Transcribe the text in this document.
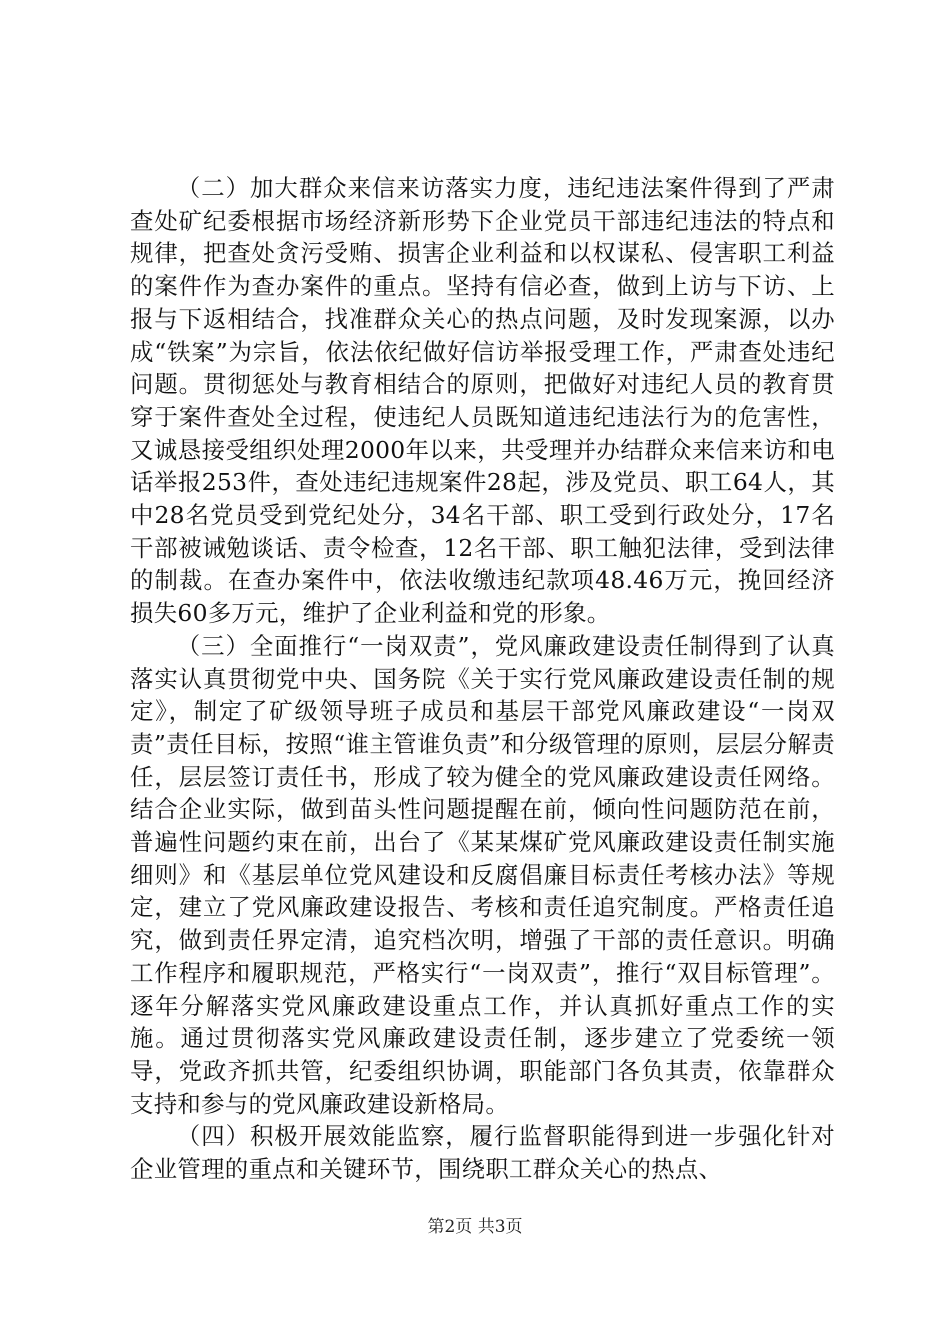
（二）加大群众来信来访落实力度，违纪违法案件得到了严肃查处矿纪委根据市场经济新形势下企业党员干部违纪违法的特点和规律，把查处贪污受贿、损害企业利益和以权谋私、侵害职工利益的案件作为查办案件的重点。坚持有信必查，做到上访与下访、上报与下返相结合，找准群众关心的热点问题，及时发现案源，以办成“铁案”为宗旨，依法依纪做好信访举报受理工作，严肃查处违纪问题。贯彻惩处与教育相结合的原则，把做好对违纪人员的教育贯穿于案件查处全过程，使违纪人员既知道违纪违法行为的危害性，又诚恳接受组织处理2000年以来，共受理并办结群众来信来访和电话举报253件，查处违纪违规案件28起，涉及党员、职工64人，其中28名党员受到党纪处分，34名干部、职工受到行政处分，17名干部被诫勉谈话、责令检查，12名干部、职工触犯法律，受到法律的制裁。在查办案件中，依法收缴违纪款项48.46万元，挽回经济损失60多万元，维护了企业利益和党的形象。

（三）全面推行“一岗双责”，党风廉政建设责任制得到了认真落实认真贯彻党中央、国务院《关于实行党风廉政建设责任制的规定》，制定了矿级领导班子成员和基层干部党风廉政建设“一岗双责”责任目标，按照“谁主管谁负责”和分级管理的原则，层层分解责任，层层签订责任书，形成了较为健全的党风廉政建设责任网络。结合企业实际，做到苗头性问题提醒在前，倾向性问题防范在前，普遍性问题约束在前，出台了《某某煤矿党风廉政建设责任制实施细则》和《基层单位党风建设和反腐倡廉目标责任考核办法》等规定，建立了党风廉政建设报告、考核和责任追究制度。严格责任追究，做到责任界定清，追究档次明，增强了干部的责任意识。明确工作程序和履职规范，严格实行“一岗双责”，推行“双目标管理”。逐年分解落实党风廉政建设重点工作，并认真抓好重点工作的实施。通过贯彻落实党风廉政建设责任制，逐步建立了党委统一领导，党政齐抓共管，纪委组织协调，职能部门各负其责，依靠群众支持和参与的党风廉政建设新格局。

（四）积极开展效能监察，履行监督职能得到进一步强化针对企业管理的重点和关键环节，围绕职工群众关心的热点、

第2页 共3页
